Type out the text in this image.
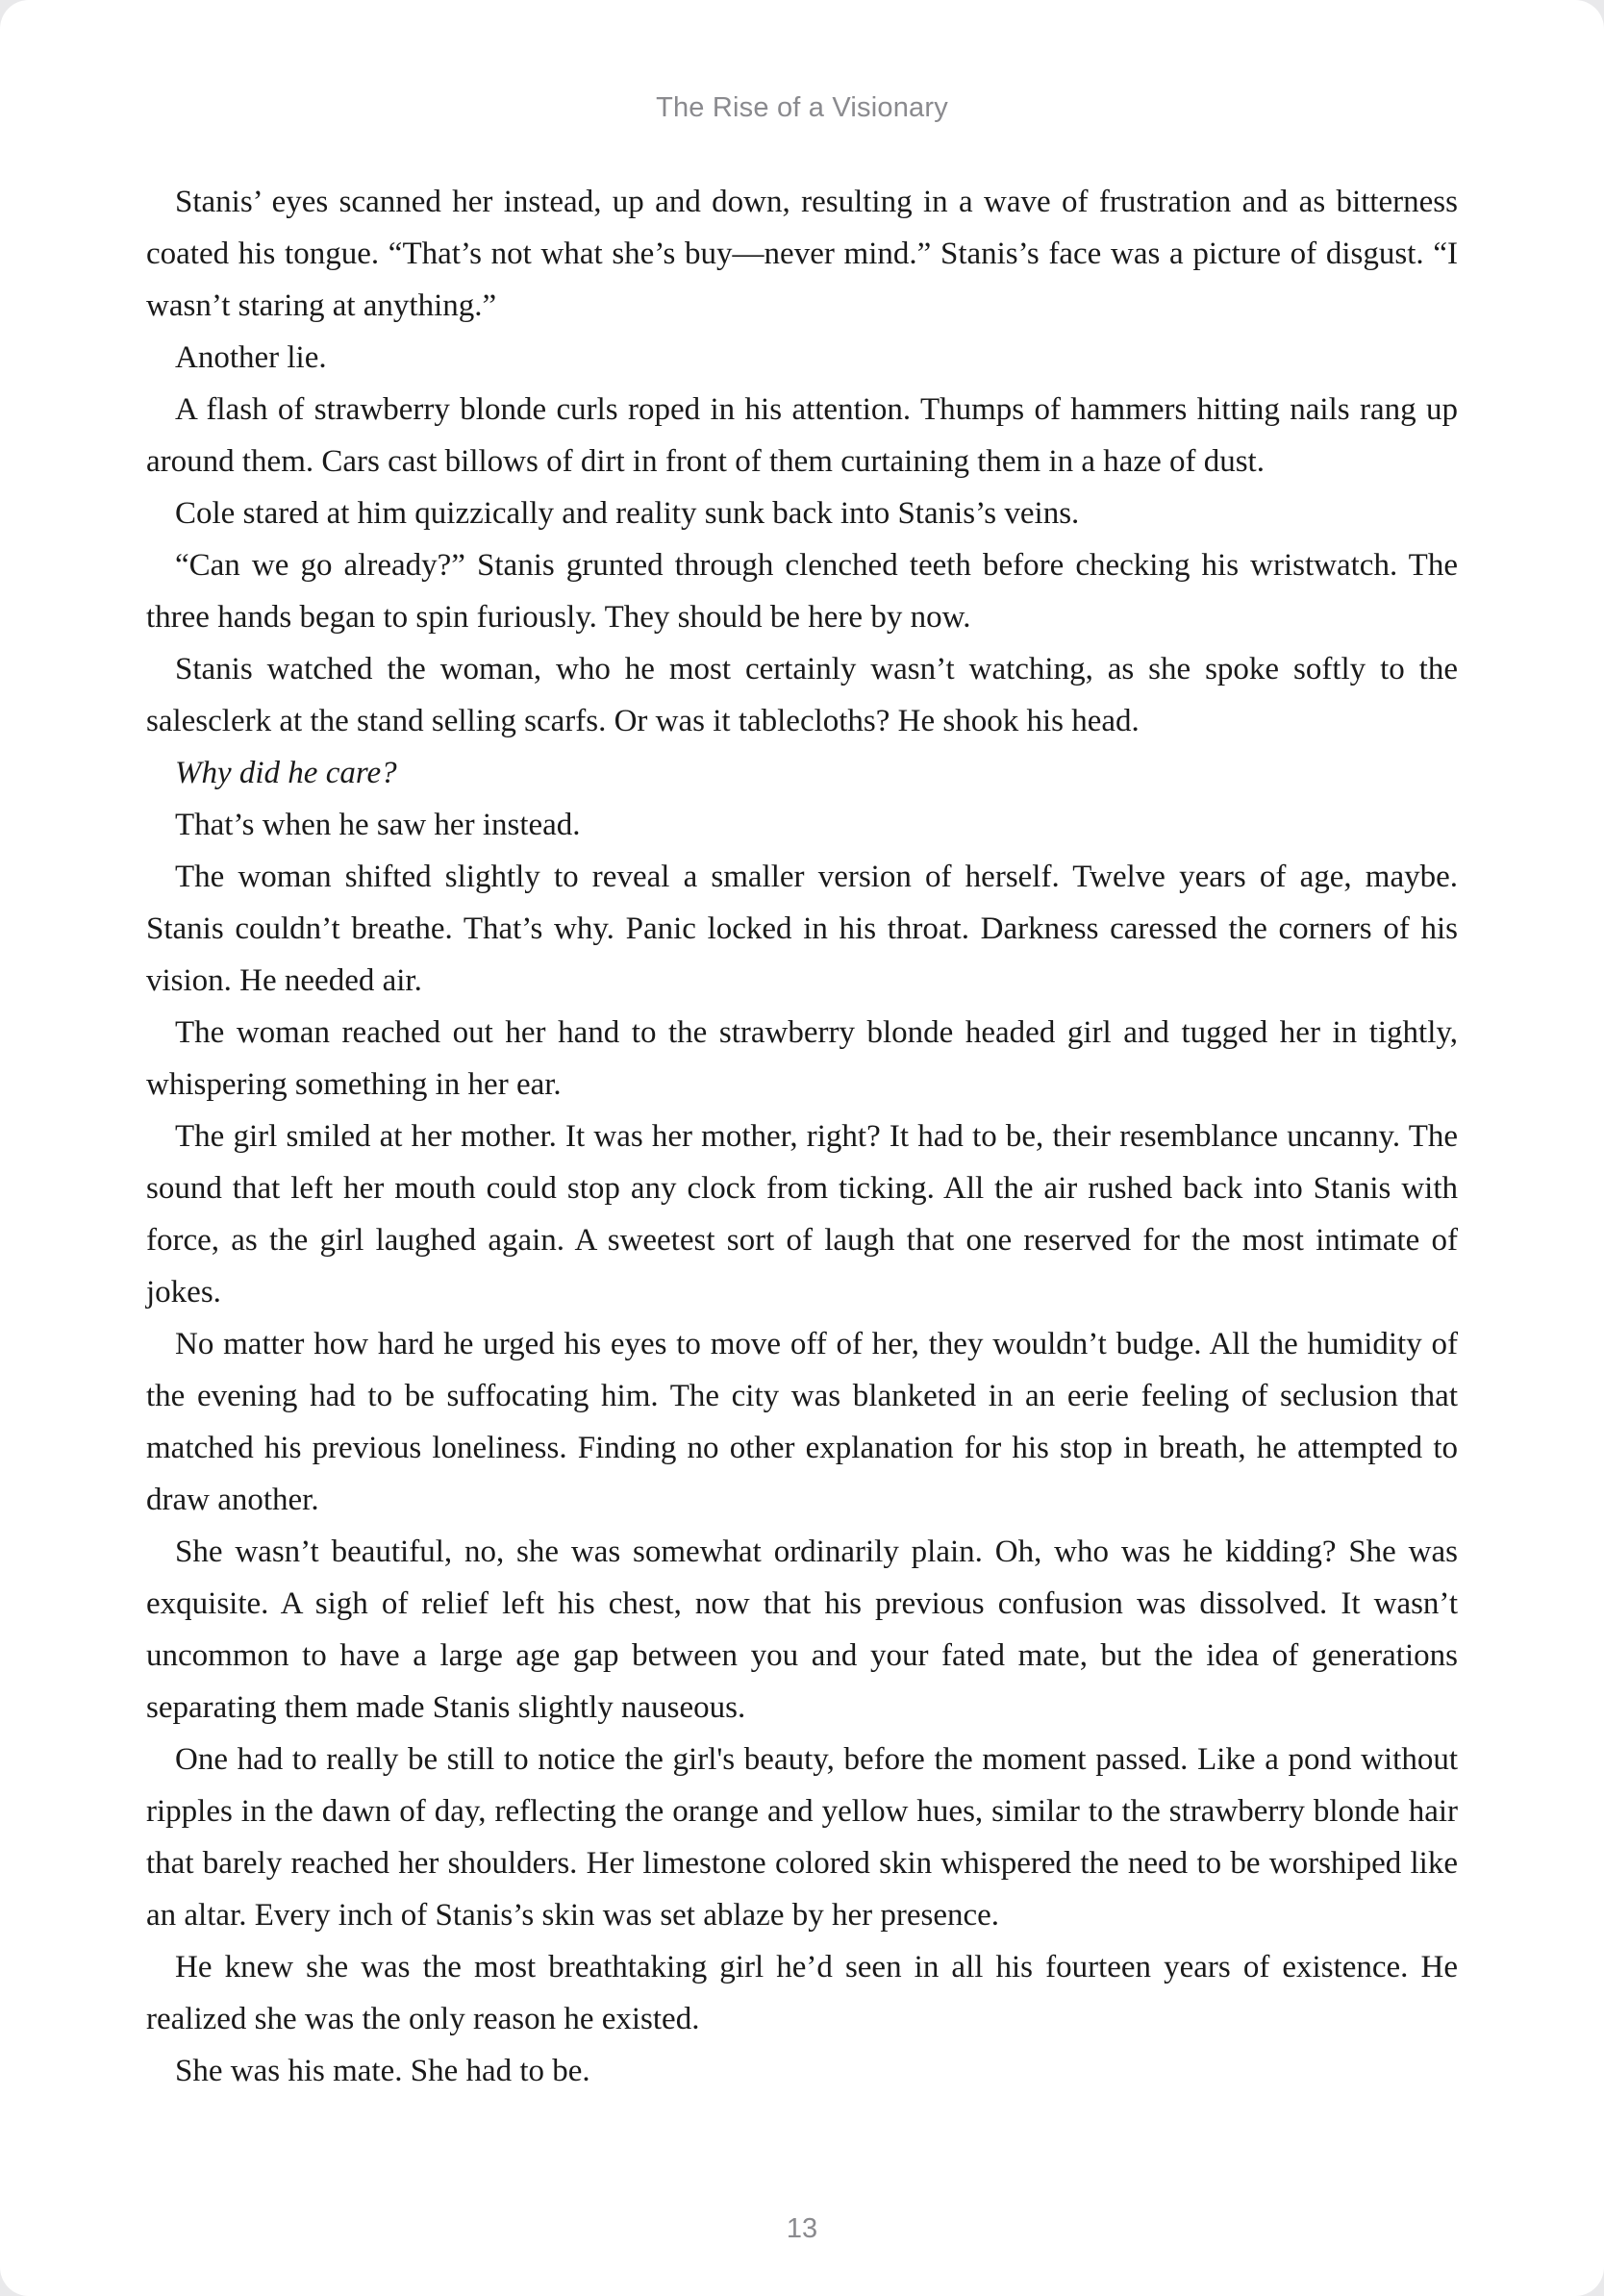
The Rise of a Visionary

Stanis’ eyes scanned her instead, up and down, resulting in a wave of frustration and as bitterness coated his tongue. “That’s not what she’s buy—never mind.” Stanis’s face was a picture of disgust. “I wasn’t staring at anything.”

Another lie.

A flash of strawberry blonde curls roped in his attention. Thumps of hammers hitting nails rang up around them. Cars cast billows of dirt in front of them curtaining them in a haze of dust.

Cole stared at him quizzically and reality sunk back into Stanis’s veins.

“Can we go already?” Stanis grunted through clenched teeth before checking his wristwatch. The three hands began to spin furiously. They should be here by now.

Stanis watched the woman, who he most certainly wasn’t watching, as she spoke softly to the salesclerk at the stand selling scarfs. Or was it tablecloths? He shook his head.

Why did he care?

That’s when he saw her instead.

The woman shifted slightly to reveal a smaller version of herself. Twelve years of age, maybe. Stanis couldn’t breathe. That’s why. Panic locked in his throat. Darkness caressed the corners of his vision. He needed air.

The woman reached out her hand to the strawberry blonde headed girl and tugged her in tightly, whispering something in her ear.

The girl smiled at her mother. It was her mother, right? It had to be, their resemblance uncanny. The sound that left her mouth could stop any clock from ticking. All the air rushed back into Stanis with force, as the girl laughed again. A sweetest sort of laugh that one reserved for the most intimate of jokes.

No matter how hard he urged his eyes to move off of her, they wouldn’t budge. All the humidity of the evening had to be suffocating him. The city was blanketed in an eerie feeling of seclusion that matched his previous loneliness. Finding no other explanation for his stop in breath, he attempted to draw another.

She wasn’t beautiful, no, she was somewhat ordinarily plain. Oh, who was he kidding? She was exquisite. A sigh of relief left his chest, now that his previous confusion was dissolved. It wasn’t uncommon to have a large age gap between you and your fated mate, but the idea of generations separating them made Stanis slightly nauseous.

One had to really be still to notice the girl's beauty, before the moment passed. Like a pond without ripples in the dawn of day, reflecting the orange and yellow hues, similar to the strawberry blonde hair that barely reached her shoulders. Her limestone colored skin whispered the need to be worshiped like an altar. Every inch of Stanis’s skin was set ablaze by her presence.

He knew she was the most breathtaking girl he’d seen in all his fourteen years of existence. He realized she was the only reason he existed.

She was his mate. She had to be.

13
